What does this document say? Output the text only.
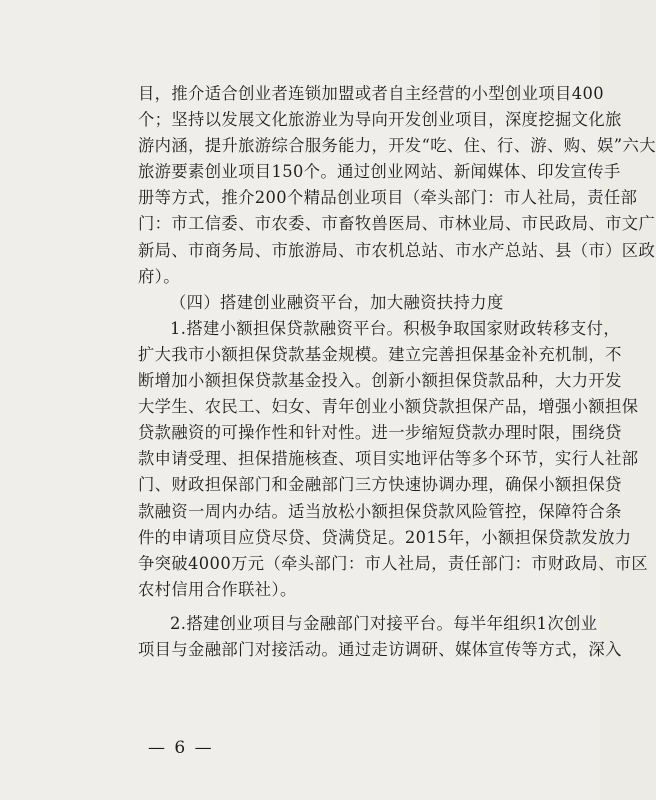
目，推介适合创业者连锁加盟或者自主经营的小型创业项目400
个；坚持以发展文化旅游业为导向开发创业项目，深度挖掘文化旅
游内涵，提升旅游综合服务能力，开发“吃、住、行、游、购、娱”六大
旅游要素创业项目150个。通过创业网站、新闻媒体、印发宣传手
册等方式，推介200个精品创业项目（牵头部门：市人社局，责任部
门：市工信委、市农委、市畜牧兽医局、市林业局、市民政局、市文广
新局、市商务局、市旅游局、市农机总站、市水产总站、县（市）区政
府）。
（四）搭建创业融资平台，加大融资扶持力度
1.搭建小额担保贷款融资平台。积极争取国家财政转移支付，
扩大我市小额担保贷款基金规模。建立完善担保基金补充机制，不
断增加小额担保贷款基金投入。创新小额担保贷款品种，大力开发
大学生、农民工、妇女、青年创业小额贷款担保产品，增强小额担保
贷款融资的可操作性和针对性。进一步缩短贷款办理时限，围绕贷
款申请受理、担保措施核查、项目实地评估等多个环节，实行人社部
门、财政担保部门和金融部门三方快速协调办理，确保小额担保贷
款融资一周内办结。适当放松小额担保贷款风险管控，保障符合条
件的申请项目应贷尽贷、贷满贷足。2015年，小额担保贷款发放力
争突破4000万元（牵头部门：市人社局，责任部门：市财政局、市区
农村信用合作联社）。
2.搭建创业项目与金融部门对接平台。每半年组织1次创业
项目与金融部门对接活动。通过走访调研、媒体宣传等方式，深入
— 6 —
